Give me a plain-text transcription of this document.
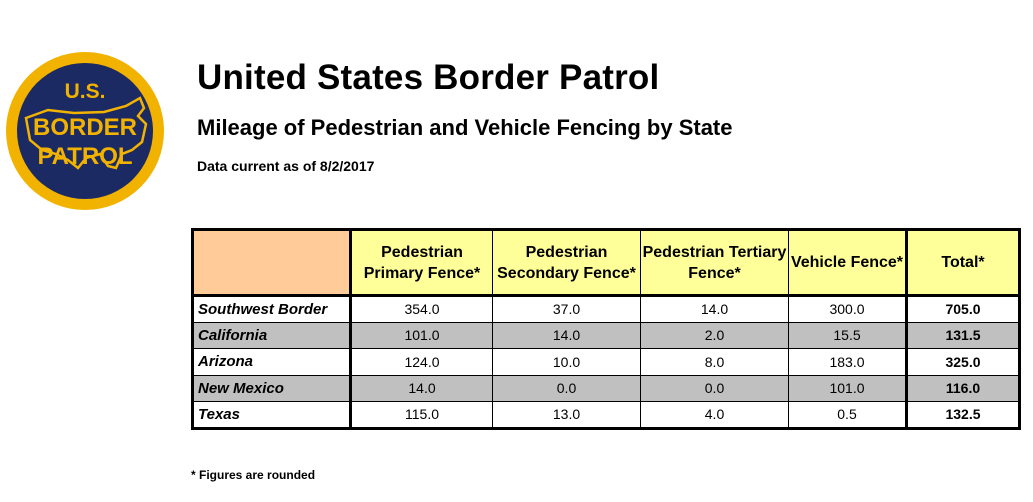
U.S.
BORDER
PATROL
United States Border Patrol
Mileage of Pedestrian and Vehicle Fencing by State
Data current as of 8/2/2017
	Pedestrian Primary Fence*	Pedestrian Secondary Fence*	Pedestrian Tertiary Fence*	Vehicle Fence*	Total*
Southwest Border	354.0	37.0	14.0	300.0	705.0
California	101.0	14.0	2.0	15.5	131.5
Arizona	124.0	10.0	8.0	183.0	325.0
New Mexico	14.0	0.0	0.0	101.0	116.0
Texas	115.0	13.0	4.0	0.5	132.5
* Figures are rounded
